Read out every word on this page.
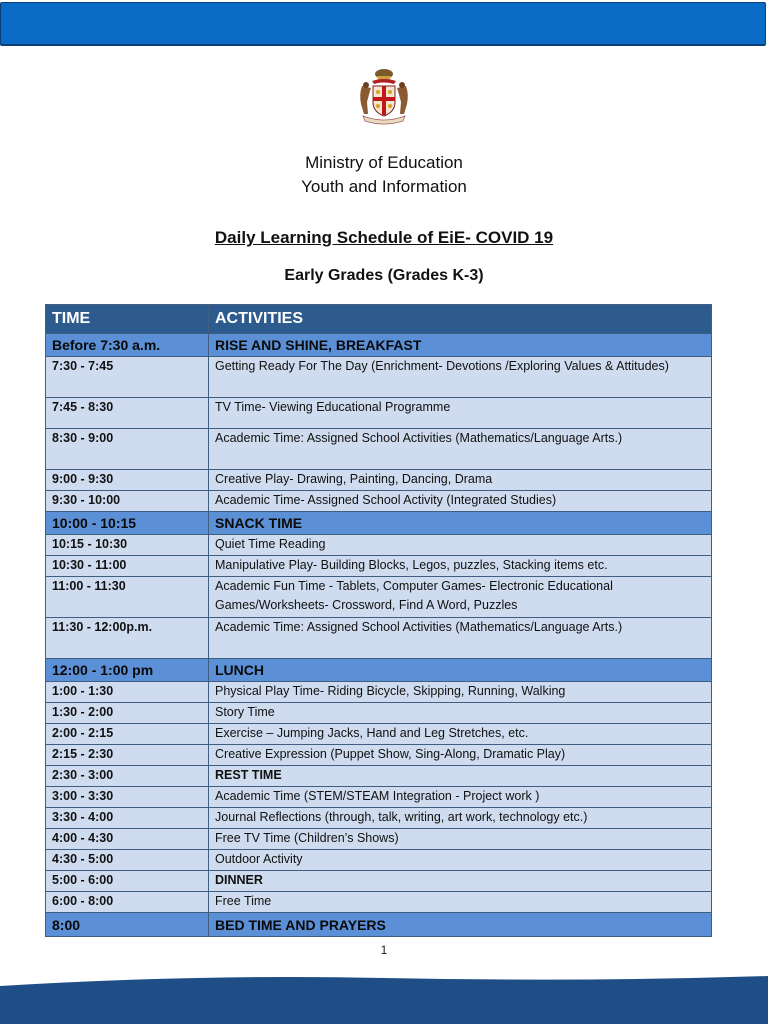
Ministry of Education
Youth and Information
Daily Learning Schedule of EiE- COVID 19
Early Grades (Grades K-3)
TIME	ACTIVITIES
Before 7:30 a.m.	RISE AND SHINE, BREAKFAST
7:30 - 7:45	Getting Ready For The Day (Enrichment- Devotions /Exploring Values & Attitudes)
7:45 - 8:30	TV Time- Viewing Educational Programme
8:30 - 9:00	Academic Time: Assigned School Activities (Mathematics/Language Arts.)
9:00 - 9:30	Creative Play- Drawing, Painting, Dancing, Drama
9:30 - 10:00	Academic Time- Assigned School Activity (Integrated Studies)
10:00 - 10:15	SNACK TIME
10:15 - 10:30	Quiet Time Reading
10:30 - 11:00	Manipulative Play- Building Blocks, Legos, puzzles, Stacking items etc.
11:00 - 11:30	Academic Fun Time - Tablets, Computer Games- Electronic Educational Games/Worksheets- Crossword, Find A Word, Puzzles
11:30 - 12:00p.m.	Academic Time: Assigned School Activities (Mathematics/Language Arts.)
12:00 - 1:00 pm	LUNCH
1:00 - 1:30	Physical Play Time- Riding Bicycle, Skipping, Running, Walking
1:30 - 2:00	Story Time
2:00 - 2:15	Exercise – Jumping Jacks, Hand and Leg Stretches, etc.
2:15 - 2:30	Creative Expression (Puppet Show, Sing-Along, Dramatic Play)
2:30 - 3:00	REST TIME
3:00 - 3:30	Academic Time (STEM/STEAM Integration - Project work )
3:30 - 4:00	Journal Reflections (through, talk, writing, art work, technology etc.)
4:00 - 4:30	Free TV Time (Children’s Shows)
4:30 - 5:00	Outdoor Activity
5:00 - 6:00	DINNER
6:00 - 8:00	Free Time
8:00	BED TIME AND PRAYERS
1
